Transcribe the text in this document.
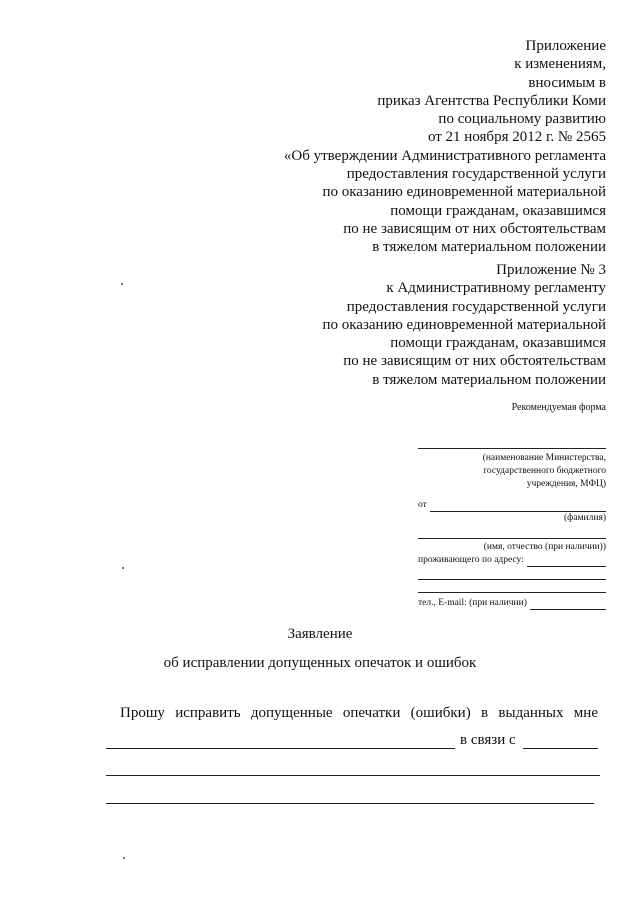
Приложение
к изменениям,
вносимым в
приказ Агентства Республики Коми
по социальному развитию
от 21 ноября 2012 г. № 2565
«Об утверждении Административного регламента
предоставления государственной услуги
по оказанию единовременной материальной
помощи гражданам, оказавшимся
по не зависящим от них обстоятельствам
в тяжелом материальном положении
Приложение № 3
к Административному регламенту
предоставления государственной услуги
по оказанию единовременной материальной
помощи гражданам, оказавшимся
по не зависящим от них обстоятельствам
в тяжелом материальном положении
Рекомендуемая форма
(наименование Министерства,
государственного бюджетного
учреждения, МФЦ)
от
(фамилия)
(имя, отчество (при наличии))
проживающего по адресу:
тел., E-mail: (при наличии)
Заявление
об исправлении допущенных опечаток и ошибок
Прошу исправить допущенные опечатки (ошибки) в выданных мне
в связи с
